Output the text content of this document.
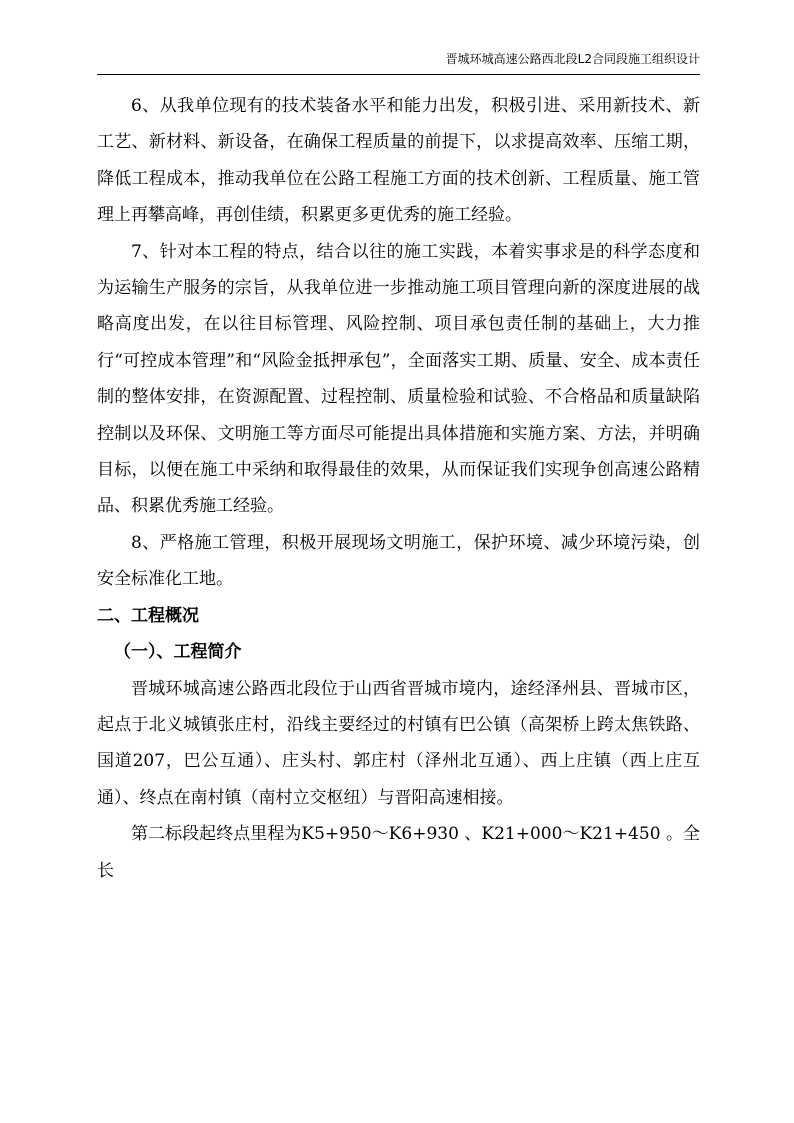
晋城环城高速公路西北段L2合同段施工组织设计

6、从我单位现有的技术装备水平和能力出发，积极引进、采用新技术、新工艺、新材料、新设备，在确保工程质量的前提下，以求提高效率、压缩工期，降低工程成本，推动我单位在公路工程施工方面的技术创新、工程质量、施工管理上再攀高峰，再创佳绩，积累更多更优秀的施工经验。

7、针对本工程的特点，结合以往的施工实践，本着实事求是的科学态度和为运输生产服务的宗旨，从我单位进一步推动施工项目管理向新的深度进展的战略高度出发，在以往目标管理、风险控制、项目承包责任制的基础上，大力推行“可控成本管理”和“风险金抵押承包”，全面落实工期、质量、安全、成本责任制的整体安排，在资源配置、过程控制、质量检验和试验、不合格品和质量缺陷控制以及环保、文明施工等方面尽可能提出具体措施和实施方案、方法，并明确目标，以便在施工中采纳和取得最佳的效果，从而保证我们实现争创高速公路精品、积累优秀施工经验。

8、严格施工管理，积极开展现场文明施工，保护环境、减少环境污染，创安全标准化工地。

二、工程概况

（一）、工程简介

晋城环城高速公路西北段位于山西省晋城市境内，途经泽州县、晋城市区，起点于北义城镇张庄村，沿线主要经过的村镇有巴公镇（高架桥上跨太焦铁路、国道207，巴公互通）、庄头村、郭庄村（泽州北互通）、西上庄镇（西上庄互通）、终点在南村镇（南村立交枢纽）与晋阳高速相接。

第二标段起终点里程为K5+950～K6+930 、K21+000～K21+450 。全长
